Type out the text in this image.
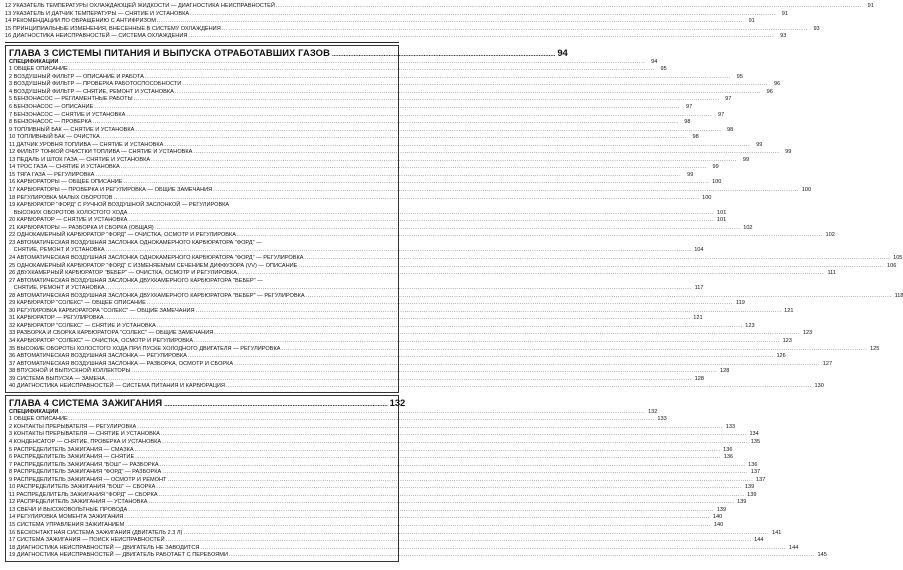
12 УКАЗАТЕЛЬ ТЕМПЕРАТУРЫ ОХЛАЖДАЮЩЕЙ ЖИДКОСТИ — ДИАГНОСТИКА НЕИСПРАВНОСТЕЙ .....	91
13 УКАЗАТЕЛЬ И ДАТЧИК ТЕМПЕРАТУРЫ — СНЯТИЕ И УСТАНОВКА .....	91
14 РЕКОМЕНДАЦИИ ПО ОБРАЩЕНИЮ С АНТИФРИЗОМ .....	91
15 ПРИНЦИПИАЛЬНЫЕ ИЗМЕНЕНИЯ, ВНЕСЕННЫЕ В СИСТЕМУ ОХЛАЖДЕНИЯ .....	93
16 ДИАГНОСТИКА НЕИСПРАВНОСТЕЙ — СИСТЕМА ОХЛАЖДЕНИЯ .....	93
ГЛАВА 3 СИСТЕМЫ ПИТАНИЯ И ВЫПУСКА ОТРАБОТАВШИХ ГАЗОВ .....	94
СПЕЦИФИКАЦИИ .....	94
1 ОБЩЕЕ ОПИСАНИЕ .....	95
2 ВОЗДУШНЫЙ ФИЛЬТР — ОПИСАНИЕ И РАБОТА .....	95
3 ВОЗДУШНЫЙ ФИЛЬТР — ПРОВЕРКА РАБОТОСПОСОБНОСТИ .....	96
4 ВОЗДУШНЫЙ ФИЛЬТР — СНЯТИЕ, РЕМОНТ И УСТАНОВКА .....	96
5 БЕНЗОНАСОС — РЕГЛАМЕНТНЫЕ РАБОТЫ .....	97
6 БЕНЗОНАСОС — ОПИСАНИЕ .....	97
7 БЕНЗОНАСОС — СНЯТИЕ И УСТАНОВКА .....	97
8 БЕНЗОНАСОС — ПРОВЕРКА .....	98
9 ТОПЛИВНЫЙ БАК — СНЯТИЕ И УСТАНОВКА .....	98
10 ТОПЛИВНЫЙ БАК — ОЧИСТКА .....	98
11 ДАТЧИК УРОВНЯ ТОПЛИВА — СНЯТИЕ И УСТАНОВКА .....	99
12 ФИЛЬТР ТОНКОЙ ОЧИСТКИ ТОПЛИВА — СНЯТИЕ И УСТАНОВКА .....	99
13 ПЕДАЛЬ И ШТОК ГАЗА — СНЯТИЕ И УСТАНОВКА .....	99
14 ТРОС ГАЗА — СНЯТИЕ И УСТАНОВКА .....	99
15 ТЯГА ГАЗА — РЕГУЛИРОВКА .....	99
16 КАРБЮРАТОРЫ — ОБЩЕЕ ОПИСАНИЕ .....	100
17 КАРБЮРАТОРЫ — ПРОВЕРКА И РЕГУЛИРОВКА — ОБЩИЕ ЗАМЕЧАНИЯ .....	100
18 РЕГУЛИРОВКА МАЛЫХ ОБОРОТОВ .....	100
19 КАРБЮРАТОР "ФОРД" С РУЧНОЙ ВОЗДУШНОЙ ЗАСЛОНКОЙ — РЕГУЛИРОВКА
ВЫСОКИХ ОБОРОТОВ ХОЛОСТОГО ХОДА .....	101
20 КАРБЮРАТОР — СНЯТИЕ И УСТАНОВКА .....	101
21 КАРБЮРАТОРЫ — РАЗБОРКА И СБОРКА (ОБЩАЯ) .....	102
22 ОДНОКАМЕРНЫЙ КАРБЮРАТОР "ФОРД" — ОЧИСТКА, ОСМОТР И РЕГУЛИРОВКА .....	102
23 АВТОМАТИЧЕСКАЯ ВОЗДУШНАЯ ЗАСЛОНКА ОДНОКАМЕРНОГО КАРБЮРАТОРА "ФОРД" —
СНЯТИЕ, РЕМОНТ И УСТАНОВКА .....	104
24 АВТОМАТИЧЕСКАЯ ВОЗДУШНАЯ ЗАСЛОНКА ОДНОКАМЕРНОГО КАРБЮРАТОРА "ФОРД" — РЕГУЛИРОВКА .....	105
25 ОДНОКАМЕРНЫЙ КАРБЮРАТОР "ФОРД" С ИЗМЕНЯЕМЫМ СЕЧЕНИЕМ ДИФФУЗОРА (VV) — ОПИСАНИЕ .....	106
26 ДВУХКАМЕРНЫЙ КАРБЮРАТОР "ВЕБЕР" — ОЧИСТКА, ОСМОТР И РЕГУЛИРОВКА .....	111
27 АВТОМАТИЧЕСКАЯ ВОЗДУШНАЯ ЗАСЛОНКА ДВУХКАМЕРНОГО КАРБЮРАТОРА "ВЕБЕР" —
СНЯТИЕ, РЕМОНТ И УСТАНОВКА .....	117
28 АВТОМАТИЧЕСКАЯ ВОЗДУШНАЯ ЗАСЛОНКА ДВУХКАМЕРНОГО КАРБЮРАТОРА "ВЕБЕР" — РЕГУЛИРОВКА .....	118
29 КАРБЮРАТОР "СОЛЕКС" — ОБЩЕЕ ОПИСАНИЕ .....	119
30 РЕГУЛИРОВКА КАРБЮРАТОРА "СОЛЕКС" — ОБЩИЕ ЗАМЕЧАНИЯ .....	121
31 КАРБЮРАТОР — РЕГУЛИРОВКА .....	121
32 КАРБЮРАТОР "СОЛЕКС" — СНЯТИЕ И УСТАНОВКА .....	123
33 РАЗБОРКА И СБОРКА КАРБЮРАТОРА "СОЛЕКС" — ОБЩИЕ ЗАМЕЧАНИЯ .....	123
34 КАРБЮРАТОР "СОЛЕКС" — ОЧИСТКА, ОСМОТР И РЕГУЛИРОВКА .....	123
35 ВЫСОКИЕ ОБОРОТЫ ХОЛОСТОГО ХОДА ПРИ ПУСКЕ ХОЛОДНОГО ДВИГАТЕЛЯ — РЕГУЛИРОВКА .....	125
36 АВТОМАТИЧЕСКАЯ ВОЗДУШНАЯ ЗАСЛОНКА — РЕГУЛИРОВКА .....	126
37 АВТОМАТИЧЕСКАЯ ВОЗДУШНАЯ ЗАСЛОНКА — РАЗБОРКА, ОСМОТР И СБОРКА .....	127
38 ВПУСКНОЙ И ВЫПУСКНОЙ КОЛЛЕКТОРЫ .....	128
39 СИСТЕМА ВЫПУСКА — ЗАМЕНА .....	128
40 ДИАГНОСТИКА НЕИСПРАВНОСТЕЙ — СИСТЕМА ПИТАНИЯ И КАРБЮРАЦИЯ .....	130
ГЛАВА 4 СИСТЕМА ЗАЖИГАНИЯ .....	132
СПЕЦИФИКАЦИИ .....	132
1 ОБЩЕЕ ОПИСАНИЕ .....	133
2 КОНТАКТЫ ПРЕРЫВАТЕЛЯ — РЕГУЛИРОВКА .....	133
3 КОНТАКТЫ ПРЕРЫВАТЕЛЯ — СНЯТИЕ И УСТАНОВКА .....	134
4 КОНДЕНСАТОР — СНЯТИЕ, ПРОВЕРКА И УСТАНОВКА .....	135
5 РАСПРЕДЕЛИТЕЛЬ ЗАЖИГАНИЯ — СМАЗКА .....	136
6 РАСПРЕДЕЛИТЕЛЬ ЗАЖИГАНИЯ — СНЯТИЕ .....	136
7 РАСПРЕДЕЛИТЕЛЬ ЗАЖИГАНИЯ "БОШ" — РАЗБОРКА .....	136
8 РАСПРЕДЕЛИТЕЛЬ ЗАЖИГАНИЯ "ФОРД" — РАЗБОРКА .....	137
9 РАСПРЕДЕЛИТЕЛЬ ЗАЖИГАНИЯ — ОСМОТР И РЕМОНТ .....	137
10 РАСПРЕДЕЛИТЕЛЬ ЗАЖИГАНИЯ "БОШ" — СБОРКА .....	139
11 РАСПРЕДЕЛИТЕЛЬ ЗАЖИГАНИЯ "ФОРД" — СБОРКА .....	139
12 РАСПРЕДЕЛИТЕЛЬ ЗАЖИГАНИЯ — УСТАНОВКА .....	139
13 СВЕЧИ И ВЫСОКОВОЛЬТНЫЕ ПРОВОДА .....	139
14 РЕГУЛИРОВКА МОМЕНТА ЗАЖИГАНИЯ .....	140
15 СИСТЕМА УПРАВЛЕНИЯ ЗАЖИГАНИЕМ .....	140
16 БЕСКОНТАКТНАЯ СИСТЕМА ЗАЖИГАНИЯ (ДВИГАТЕЛЬ 2.3 Л) .....	141
17 СИСТЕМА ЗАЖИГАНИЯ — ПОИСК НЕИСПРАВНОСТЕЙ .....	144
18 ДИАГНОСТИКА НЕИСПРАВНОСТЕЙ — ДВИГАТЕЛЬ НЕ ЗАВОДИТСЯ .....	144
19 ДИАГНОСТИКА НЕИСПРАВНОСТЕЙ — ДВИГАТЕЛЬ РАБОТАЕТ С ПЕРЕБОЯМИ .....	145
